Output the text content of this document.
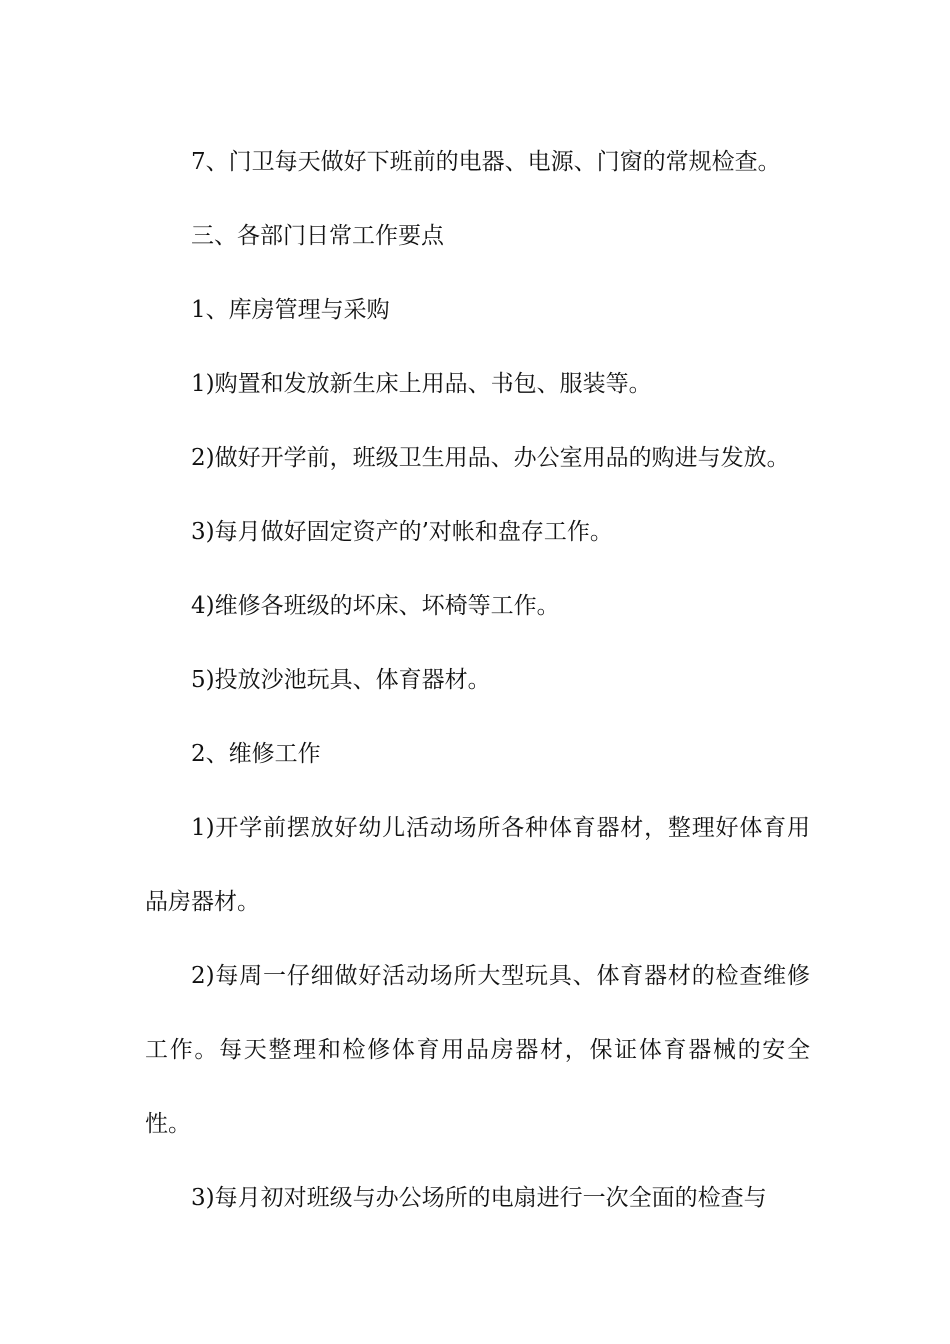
7、门卫每天做好下班前的电器、电源、门窗的常规检查。

三、各部门日常工作要点

1、库房管理与采购

1)购置和发放新生床上用品、书包、服装等。

2)做好开学前，班级卫生用品、办公室用品的购进与发放。

3)每月做好固定资产的’对帐和盘存工作。

4)维修各班级的坏床、坏椅等工作。

5)投放沙池玩具、体育器材。

2、维修工作

1)开学前摆放好幼儿活动场所各种体育器材，整理好体育用品房器材。

2)每周一仔细做好活动场所大型玩具、体育器材的检查维修工作。每天整理和检修体育用品房器材，保证体育器械的安全性。

3)每月初对班级与办公场所的电扇进行一次全面的检查与
